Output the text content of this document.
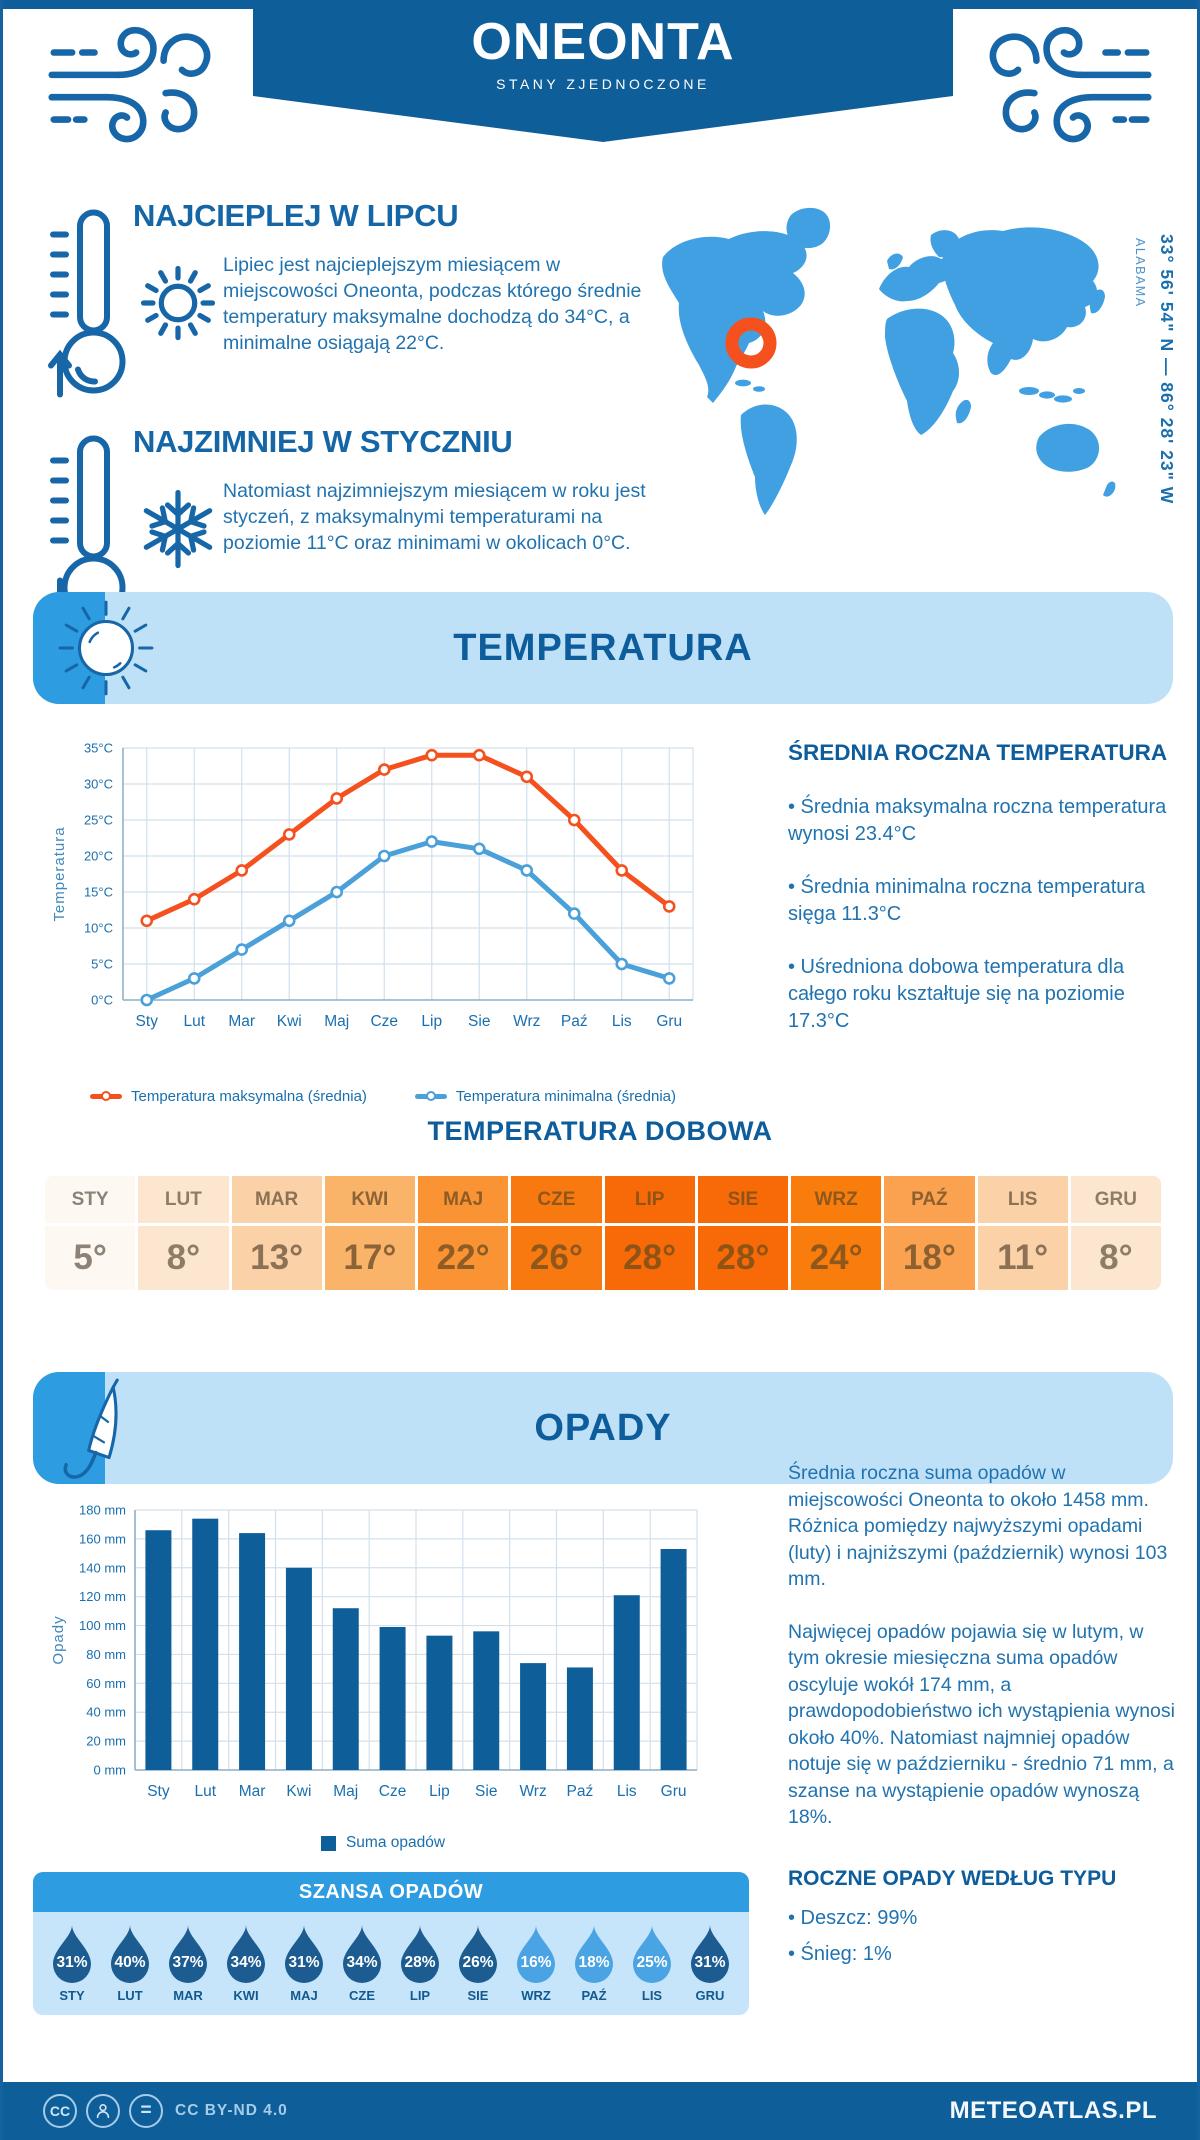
ONEONTA
STANY ZJEDNOCZONE
NAJCIEPLEJ W LIPCU

Lipiec jest najcieplejszym miesiącem w miejscowości Oneonta, podczas którego średnie temperatury maksymalne dochodzą do 34°C, a minimalne osiągają 22°C.

NAJZIMNIEJ W STYCZNIU

Natomiast najzimniejszym miesiącem w roku jest styczeń, z maksymalnymi temperaturami na poziomie 11°C oraz minimami w okolicach 0°C.

33° 56' 54" N — 86° 28' 23" W
ALABAMA
TEMPERATURA
0°C
5°C
10°C
15°C
20°C
25°C
30°C
35°C
Sty Lut Mar Kwi Maj Cze Lip Sie Wrz Paź Lis Gru
Temperatura
Temperatura maksymalna (średnia)	Temperatura minimalna (średnia)
ŚREDNIA ROCZNA TEMPERATURA

• Średnia maksymalna roczna temperatura wynosi 23.4°C

• Średnia minimalna roczna temperatura sięga 11.3°C

• Uśredniona dobowa temperatura dla całego roku kształtuje się na poziomie 17.3°C

TEMPERATURA DOBOWA
STY	LUT	MAR	KWI	MAJ	CZE	LIP	SIE	WRZ	PAŹ	LIS	GRU
5°	8°	13°	17°	22°	26°	28°	28°	24°	18°	11°	8°
OPADY
0 mm
20 mm
40 mm
60 mm
80 mm
100 mm
120 mm
140 mm
160 mm
180 mm
Sty Lut Mar Kwi Maj Cze Lip Sie Wrz Paź Lis Gru
Opady
Suma opadów

Średnia roczna suma opadów w miejscowości Oneonta to około 1458 mm. Różnica pomiędzy najwyższymi opadami (luty) i najniższymi (październik) wynosi 103 mm.

Najwięcej opadów pojawia się w lutym, w tym okresie miesięczna suma opadów oscyluje wokół 174 mm, a prawdopodobieństwo ich wystąpienia wynosi około 40%. Natomiast najmniej opadów notuje się w październiku - średnio 71 mm, a szanse na wystąpienie opadów wynoszą 18%.

ROCZNE OPADY WEDŁUG TYPU

• Deszcz: 99%

• Śnieg: 1%

SZANSA OPADÓW
31%
STY
40%
LUT
37%
MAR
34%
KWI
31%
MAJ
34%
CZE
28%
LIP
26%
SIE
16%
WRZ
18%
PAŹ
25%
LIS
31%
GRU
CC	=	CC BY-ND 4.0	METEOATLAS.PL
